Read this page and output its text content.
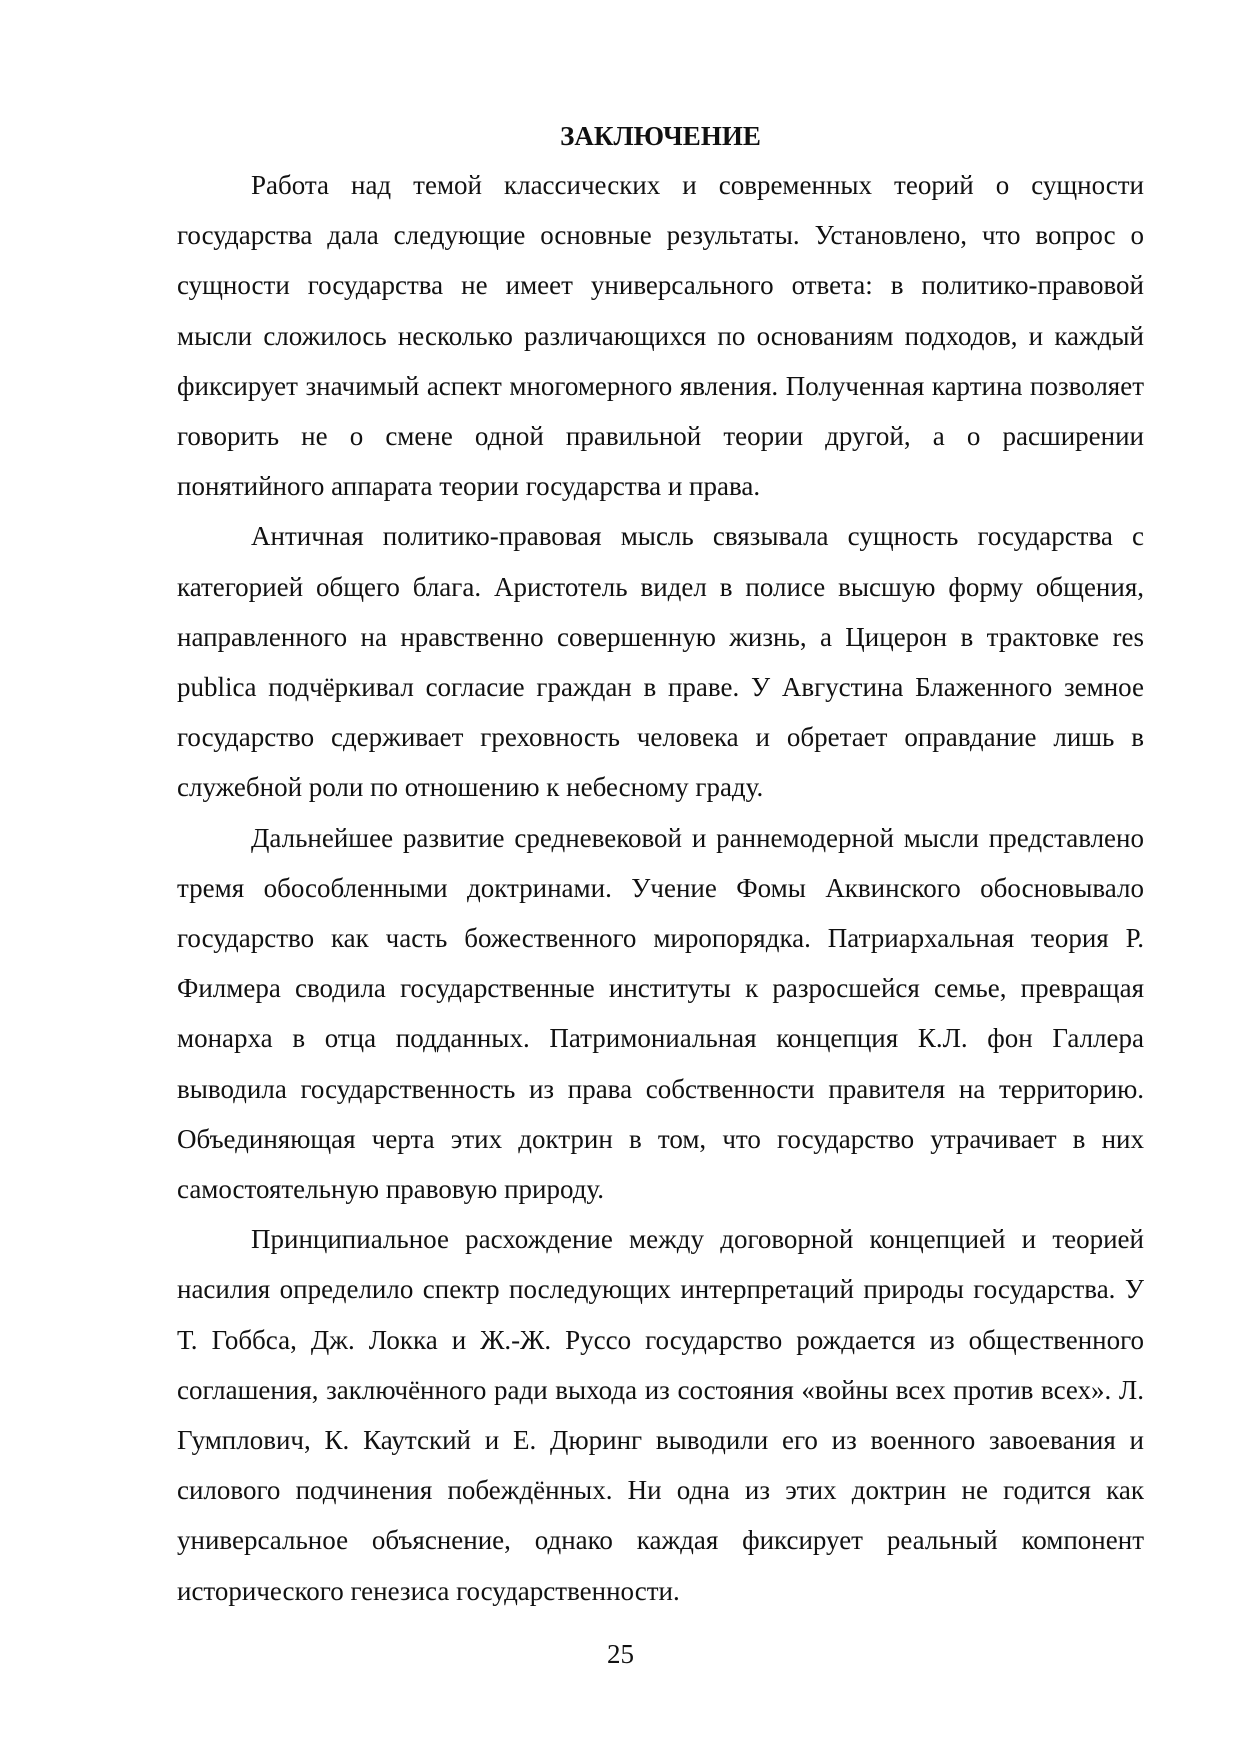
ЗАКЛЮЧЕНИЕ

Работа над темой классических и современных теорий о сущности государства дала следующие основные результаты. Установлено, что вопрос о сущности государства не имеет универсального ответа: в политико-правовой мысли сложилось несколько различающихся по основаниям подходов, и каждый фиксирует значимый аспект многомерного явления. Полученная картина позволяет говорить не о смене одной правильной теории другой, а о расширении понятийного аппарата теории государства и права.

Античная политико-правовая мысль связывала сущность государства с категорией общего блага. Аристотель видел в полисе высшую форму общения, направленного на нравственно совершенную жизнь, а Цицерон в трактовке res publica подчёркивал согласие граждан в праве. У Августина Блаженного земное государство сдерживает греховность человека и обретает оправдание лишь в служебной роли по отношению к небесному граду.

Дальнейшее развитие средневековой и раннемодерной мысли представлено тремя обособленными доктринами. Учение Фомы Аквинского обосновывало государство как часть божественного миропорядка. Патриархальная теория Р. Филмера сводила государственные институты к разросшейся семье, превращая монарха в отца подданных. Патримониальная концепция К.Л. фон Галлера выводила государственность из права собственности правителя на территорию. Объединяющая черта этих доктрин в том, что государство утрачивает в них самостоятельную правовую природу.

Принципиальное расхождение между договорной концепцией и теорией насилия определило спектр последующих интерпретаций природы государства. У Т. Гоббса, Дж. Локка и Ж.-Ж. Руссо государство рождается из общественного соглашения, заключённого ради выхода из состояния «войны всех против всех». Л. Гумплович, К. Каутский и Е. Дюринг выводили его из военного завоевания и силового подчинения побеждённых. Ни одна из этих доктрин не годится как универсальное объяснение, однако каждая фиксирует реальный компонент исторического генезиса государственности.

25
